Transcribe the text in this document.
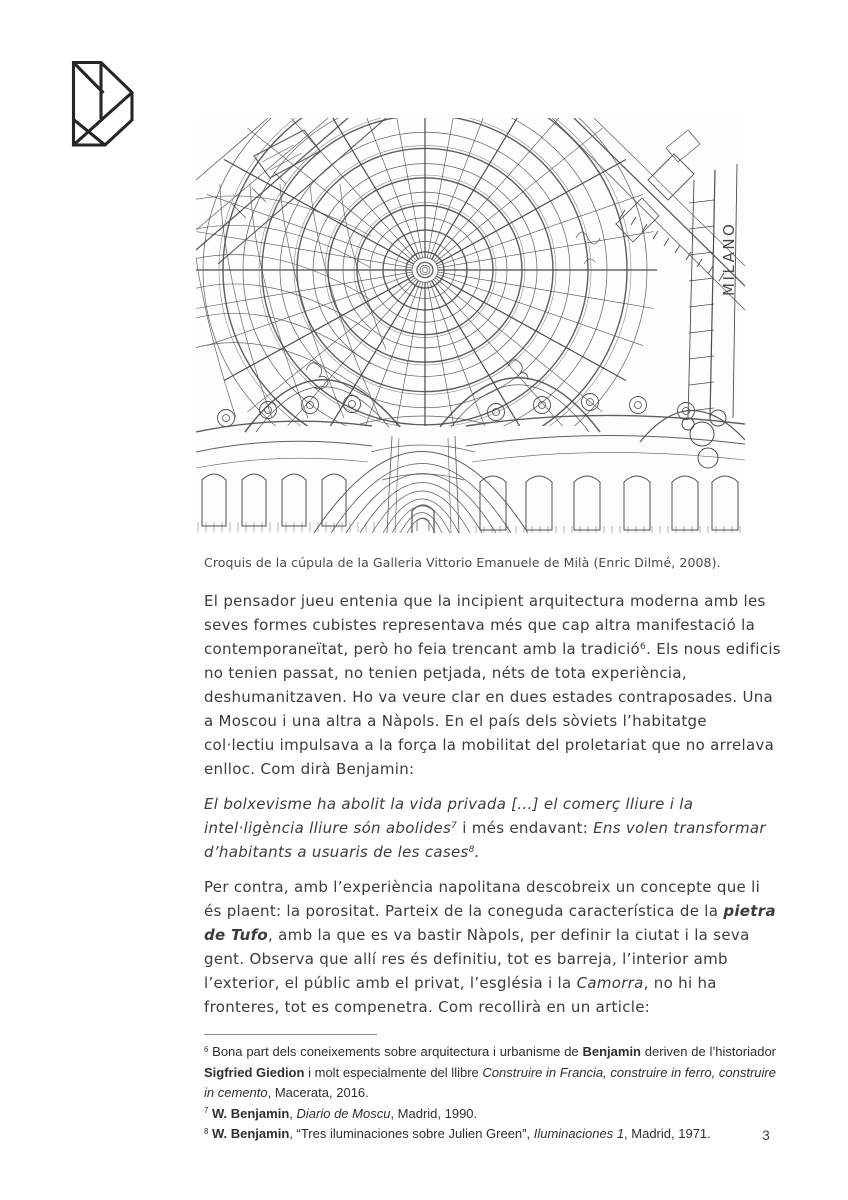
MILANO
Croquis de la cúpula de la Galleria Vittorio Emanuele de Milà (Enric Dilmé, 2008).

El pensador jueu entenia que la incipient arquitectura moderna amb les seves formes cubistes representava més que cap altra manifestació la contemporaneïtat, però ho feia trencant amb la tradició$^6$. Els nous edificis no tenien passat, no tenien petjada, néts de tota experiència, deshumanitzaven. Ho va veure clar en dues estades contraposades. Una a Moscou i una altra a Nàpols. En el país dels sòviets l’habitatge col·lectiu impulsava a la força la mobilitat del proletariat que no arrelava enlloc. Com dirà Benjamin:

El bolxevisme ha abolit la vida privada [...] el comerç lliure i la intel·ligència lliure són abolides$^7$ i més endavant: Ens volen transformar d’habitants a usuaris de les cases$^8$.

Per contra, amb l’experiència napolitana descobreix un concepte que li és plaent: la porositat. Parteix de la coneguda característica de la pietra de Tufo, amb la que es va bastir Nàpols, per definir la ciutat i la seva gent. Observa que allí res és definitiu, tot es barreja, l’interior amb l’exterior, el públic amb el privat, l’església i la Camorra, no hi ha fronteres, tot es compenetra. Com recollirà en un article:

$^6$ Bona part dels coneixements sobre arquitectura i urbanisme de Benjamin deriven de l’historiador Sigfried Giedion i molt especialmente del llibre Construire in Francia, construire in ferro, construire in cemento, Macerata, 2016.

$^7$ W. Benjamin, Diario de Moscu, Madrid, 1990.

$^8$ W. Benjamin, “Tres iluminaciones sobre Julien Green”, Iluminaciones 1, Madrid, 1971.	3
